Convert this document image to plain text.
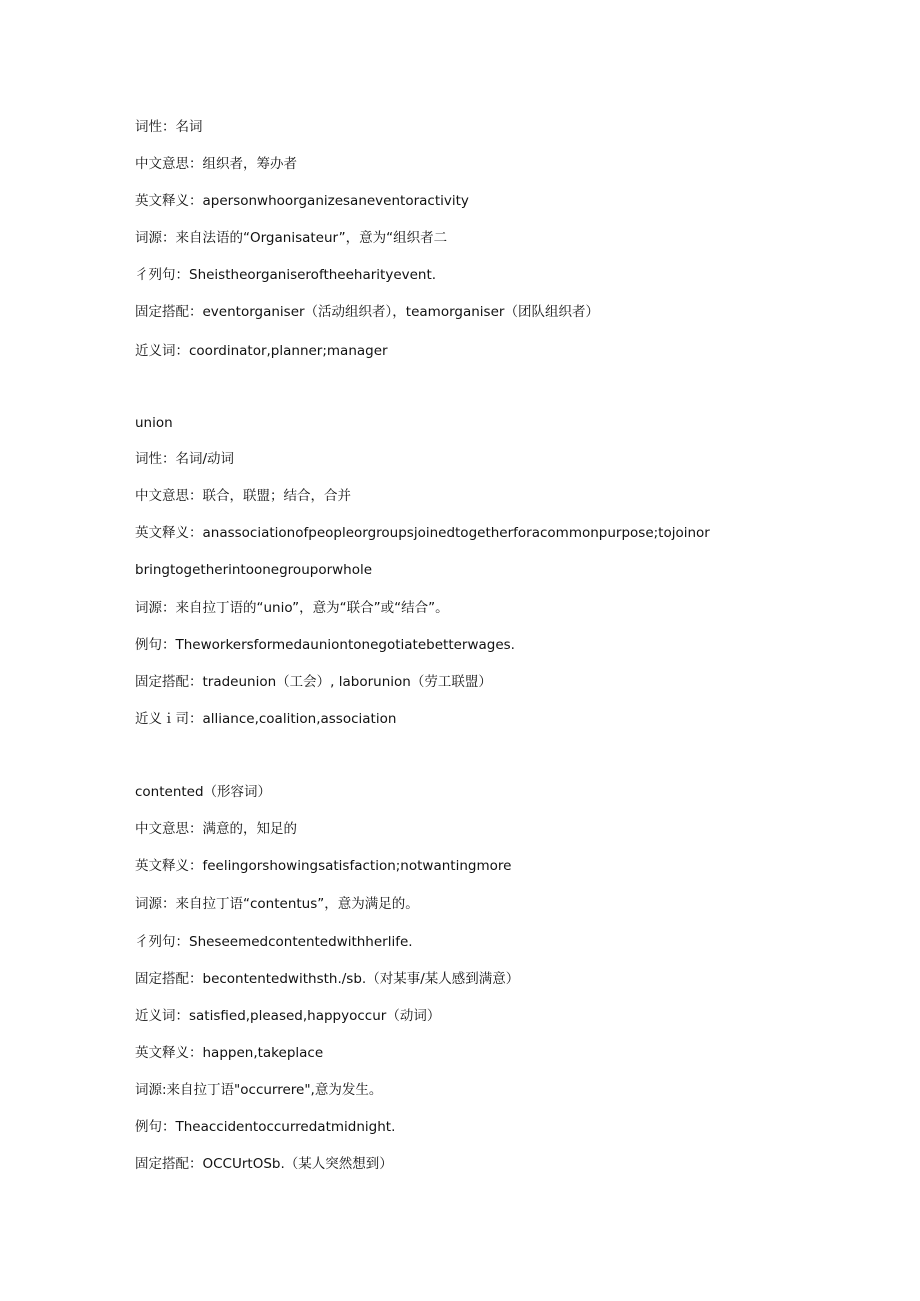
词性：名词
中文意思：组织者，筹办者
英文释义：apersonwhoorganizesaneventoractivity
词源：来自法语的“Organisateur”，意为“组织者二
彳列句：Sheistheorganiseroftheeharityevent.
固定搭配：eventorganiser（活动组织者），teamorganiser（团队组织者）
近义词：coordinator,planner;manager
union
词性：名词/动词
中文意思：联合，联盟；结合，合并
英文释义：anassociationofpeopleorgroupsjoinedtogetherforacommonpurpose;tojoinor
bringtogetherintoonegrouporwhole
词源：来自拉丁语的“unio”，意为“联合”或“结合”。
例句：Theworkersformedauniontonegotiatebetterwages.
固定搭配：tradeunion（工会）, laborunion（劳工联盟）
近义ｉ司：alliance,coalition,association
contented（形容词）
中文意思：满意的，知足的
英文释义：feelingorshowingsatisfaction;notwantingmore
词源：来自拉丁语“contentus”，意为满足的。
彳列句：Sheseemedcontentedwithherlife.
固定搭配：becontentedwithsth./sb.（对某事/某人感到满意）
近义词：satisfied,pleased,happyoccur（动词）
英文释义：happen,takeplace
词源:来自拉丁语"occurrere",意为发生。
例句：Theaccidentoccurredatmidnight.
固定搭配：OCCUrtOSb.（某人突然想到）
